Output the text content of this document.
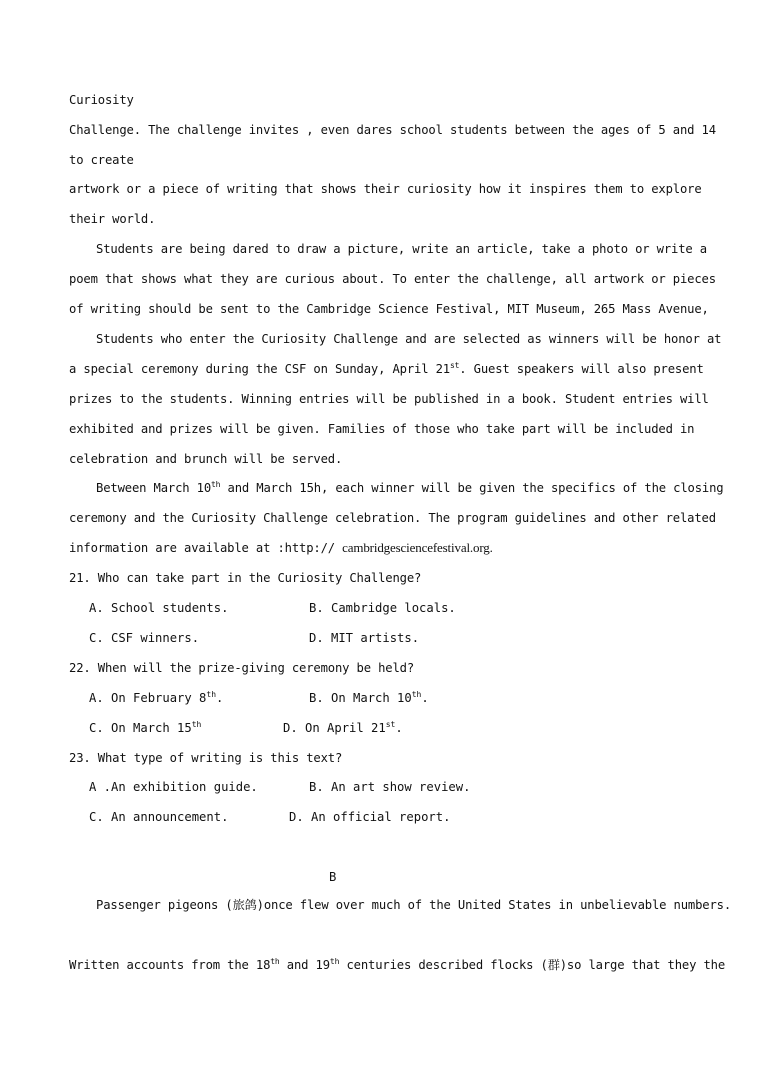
Curiosity
Challenge. The challenge invites , even dares school students between the ages of 5 and 14
to create
artwork or a piece of writing that shows their curiosity how it inspires them to explore
their world.
Students are being dared to draw a picture, write an article, take a photo or write a
poem that shows what they are curious about. To enter the challenge, all artwork or pieces
of writing should be sent to the Cambridge Science Festival, MIT Museum, 265 Mass Avenue,
Students who enter the Curiosity Challenge and are selected as winners will be honor at
a special ceremony during the CSF on Sunday, April 21st. Guest speakers will also present
prizes to the students. Winning entries will be published in a book. Student entries will
exhibited and prizes will be given. Families of those who take part will be included in
celebration and brunch will be served.
Between March 10th and March 15h, each winner will be given the specifics of the closing
ceremony and the Curiosity Challenge celebration. The program guidelines and other related
information are available at :http:// cambridgesciencefestival.org.
21. Who can take part in the Curiosity Challenge?
A. School students.	B. Cambridge locals.
C. CSF winners.	D. MIT artists.
22. When will the prize-giving ceremony be held?
A. On February 8th.	B. On March 10th.
C. On March 15th	D. On April 21st.
23. What type of writing is this text?
A .An exhibition guide.	B. An art show review.
C. An announcement.	D. An official report.
B
Passenger pigeons (旅鸽)once flew over much of the United States in unbelievable numbers.
Written accounts from the 18th and 19th centuries described flocks (群)so large that they the
